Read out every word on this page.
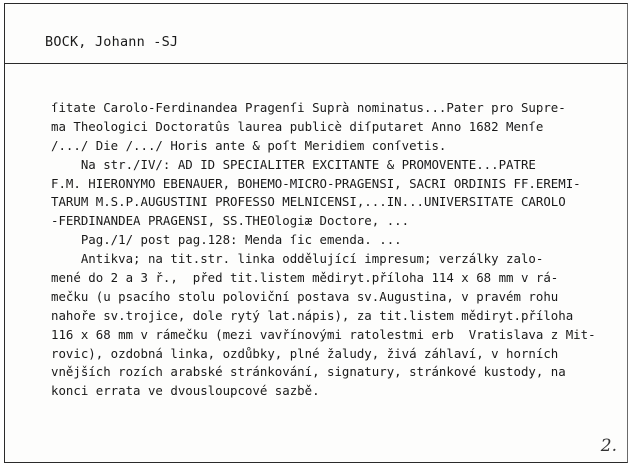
BOCK, Johann -SJ
ſitate Carolo-Ferdinandea Pragenſi Suprà nominatus...Pater pro Supre-
ma Theologici Doctoratûs laurea publicè diſputaret Anno 1682 Menſe
/.../ Die /.../ Horis ante & poſt Meridiem conſvetis.
Na str./IV/: AD ID SPECIALITER EXCITANTE & PROMOVENTE...PATRE
F.M. HIERONYMO EBENAUER, BOHEMO-MICRO-PRAGENSI, SACRI ORDINIS FF.EREMI-
TARUM M.S.P.AUGUSTINI PROFESSO MELNICENSI,...IN...UNIVERSITATE CAROLO
-FERDINANDEA PRAGENSI, SS.THEOlogiæ Doctore, ...
Pag./1/ post pag.128: Menda ſic emenda. ...
Antikva; na tit.str. linka oddělující impresum; verzálky zalo-
mené do 2 a 3 ř.,  před tit.listem mědiryt.příloha 114 x 68 mm v rá-
mečku (u psacího stolu poloviční postava sv.Augustina, v pravém rohu
nahoře sv.trojice, dole rytý lat.nápis), za tit.listem mědiryt.příloha
116 x 68 mm v rámečku (mezi vavřínovými ratolestmi erb  Vratislava z Mit-
rovic), ozdobná linka, ozdůbky, plné žaludy, živá záhlaví, v horních
vnějších rozích arabské stránkování, signatury, stránkové kustody, na
konci errata ve dvousloupcové sazbě.
2.
